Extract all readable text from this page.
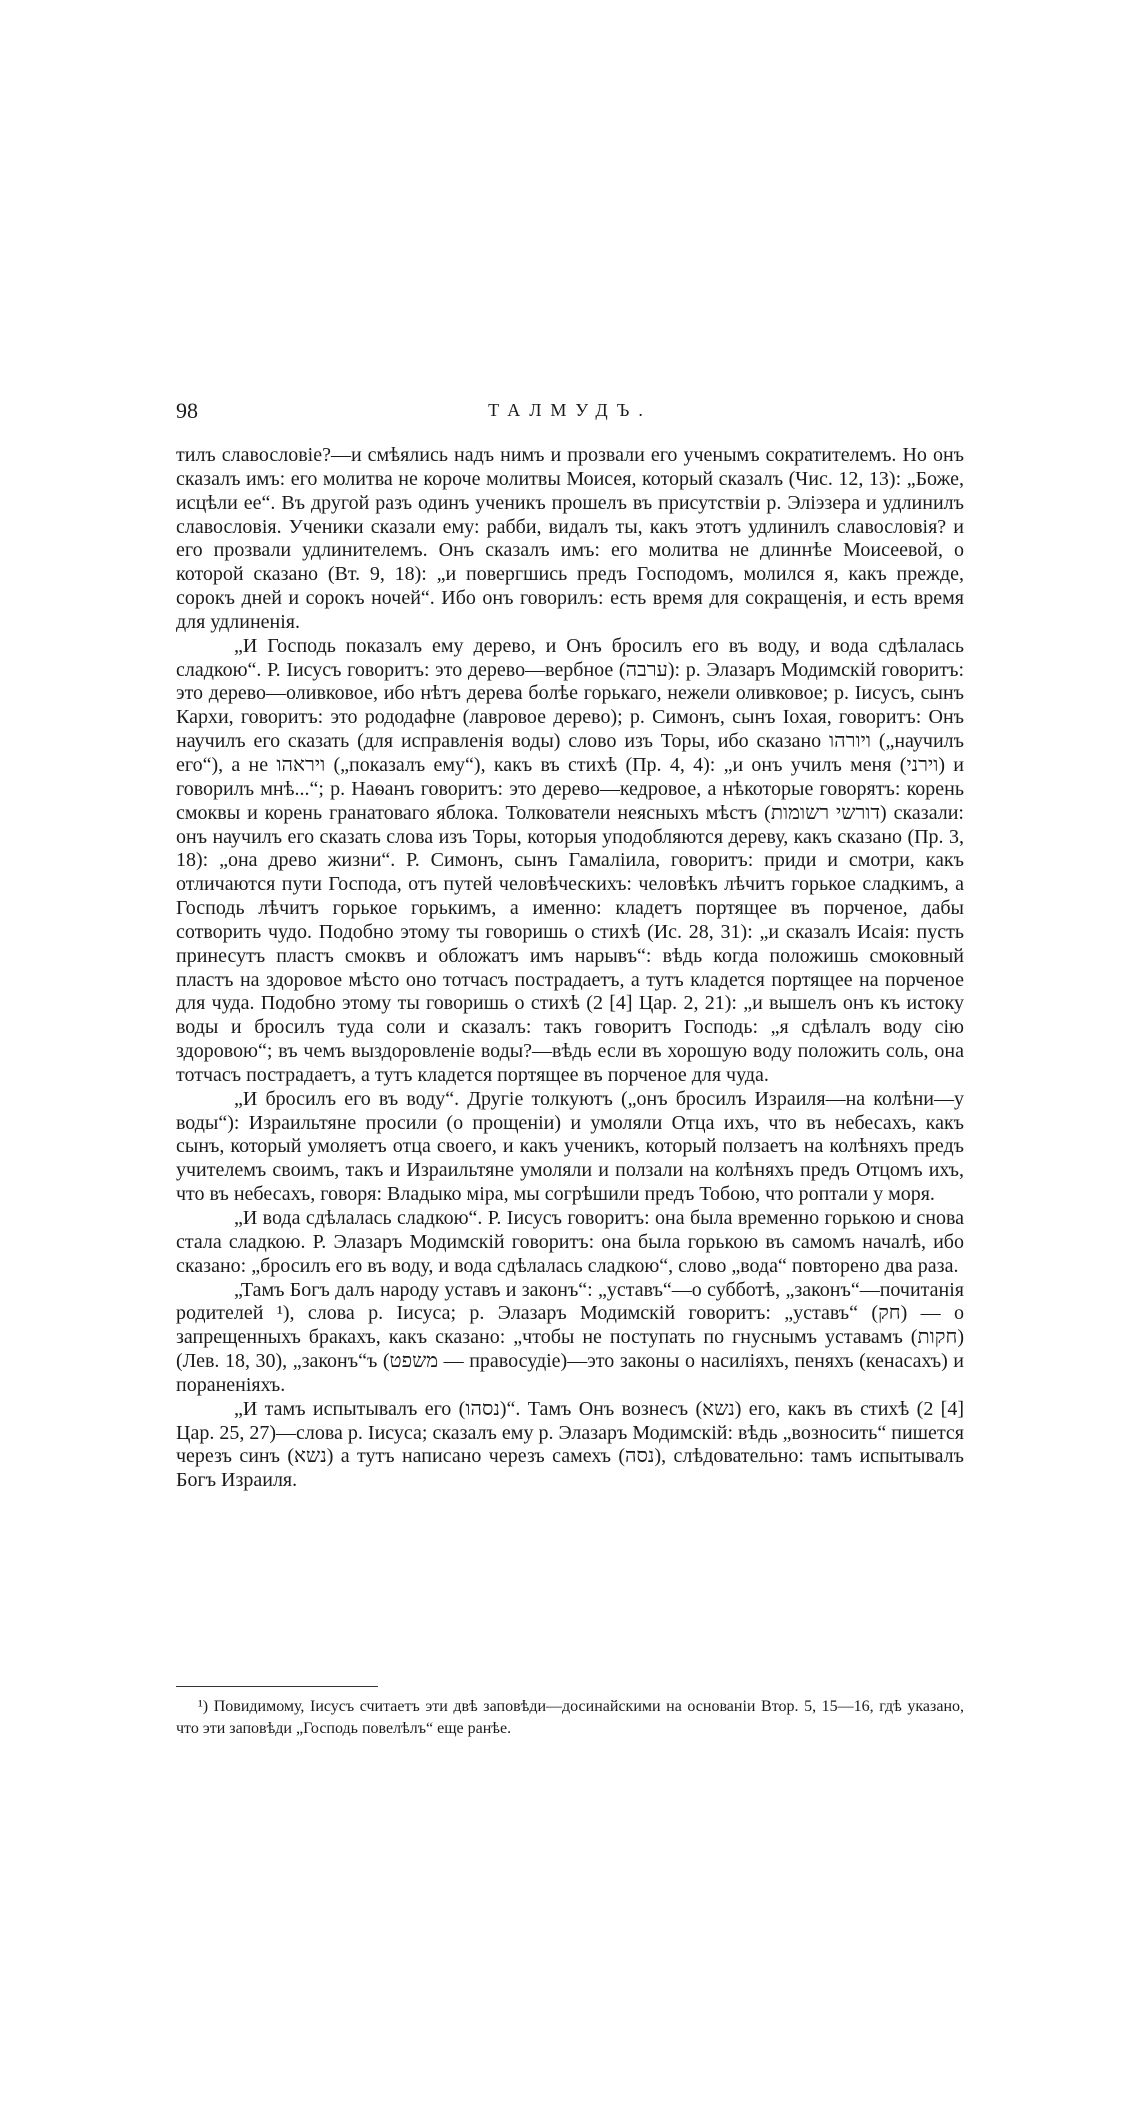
98	ТАЛМУДЪ.

тилъ славословіе?—и смѣялись надъ нимъ и прозвали его ученымъ сократителемъ. Но онъ сказалъ имъ: его молитва не короче молитвы Моисея, который сказалъ (Чис. 12, 13): „Боже, исцѣли ее“. Въ другой разъ одинъ ученикъ прошелъ въ присутствіи р. Эліэзера и удлинилъ славословія. Ученики сказали ему: рабби, видалъ ты, какъ этотъ удлинилъ славословія? и его прозвали удлинителемъ. Онъ сказалъ имъ: его молитва не длиннѣе Моисеевой, о которой сказано (Вт. 9, 18): „и повергшись предъ Господомъ, молился я, какъ прежде, сорокъ дней и сорокъ ночей“. Ибо онъ говорилъ: есть время для сокращенія, и есть время для удлиненія.

„И Господь показалъ ему дерево, и Онъ бросилъ его въ воду, и вода сдѣлалась сладкою“. Р. Іисусъ говоритъ: это дерево—вербное (ערבה): р. Элазаръ Модимскій говоритъ: это дерево—оливковое, ибо нѣтъ дерева болѣе горькаго, нежели оливковое; р. Іисусъ, сынъ Кархи, говоритъ: это рододафне (лавровое дерево); р. Симонъ, сынъ Іохая, говоритъ: Онъ научилъ его сказать (для исправленія воды) слово изъ Торы, ибо сказано ויורהו („научилъ его“), а не ויראהו („показалъ ему“), какъ въ стихѣ (Пр. 4, 4): „и онъ училъ меня (וירני) и говорилъ мнѣ...“; р. Наѳанъ говоритъ: это дерево—кедровое, а нѣкоторые говорятъ: корень смоквы и корень гранатоваго яблока. Толкователи неясныхъ мѣстъ (דורשי רשומות) сказали: онъ научилъ его сказать слова изъ Торы, которыя уподобляются дереву, какъ сказано (Пр. 3, 18): „она древо жизни“. Р. Симонъ, сынъ Гамаліила, говоритъ: приди и смотри, какъ отличаются пути Господа, отъ путей человѣческихъ: человѣкъ лѣчитъ горькое сладкимъ, а Господь лѣчитъ горькое горькимъ, а именно: кладетъ портящее въ порченое, дабы сотворить чудо. Подобно этому ты говоришь о стихѣ (Ис. 28, 31): „и сказалъ Исаія: пусть принесутъ пластъ смоквъ и обложатъ имъ нарывъ“: вѣдь когда положишь смоковный пластъ на здоровое мѣсто оно тотчасъ пострадаетъ, а тутъ кладется портящее на порченое для чуда. Подобно этому ты говоришь о стихѣ (2 [4] Цар. 2, 21): „и вышелъ онъ къ истоку воды и бросилъ туда соли и сказалъ: такъ говоритъ Господь: „я сдѣлалъ воду сію здоровою“; въ чемъ выздоровленіе воды?—вѣдь если въ хорошую воду положить соль, она тотчасъ пострадаетъ, а тутъ кладется портящее въ порченое для чуда.

„И бросилъ его въ воду“. Другіе толкуютъ („онъ бросилъ Израиля—на колѣни—у воды“): Израильтяне просили (о прощеніи) и умоляли Отца ихъ, что въ небесахъ, какъ сынъ, который умоляетъ отца своего, и какъ ученикъ, который ползаетъ на колѣняхъ предъ учителемъ своимъ, такъ и Израильтяне умоляли и ползали на колѣняхъ предъ Отцомъ ихъ, что въ небесахъ, говоря: Владыко міра, мы согрѣшили предъ Тобою, что роптали у моря.

„И вода сдѣлалась сладкою“. Р. Іисусъ говоритъ: она была временно горькою и снова стала сладкою. Р. Элазаръ Модимскій говоритъ: она была горькою въ самомъ началѣ, ибо сказано: „бросилъ его въ воду, и вода сдѣлалась сладкою“, слово „вода“ повторено два раза.

„Тамъ Богъ далъ народу уставъ и законъ“: „уставъ“—о субботѣ, „законъ“—почитанія родителей ¹), слова р. Іисуса; р. Элазаръ Модимскій говоритъ: „уставъ“ (חק) — о запрещенныхъ бракахъ, какъ сказано: „чтобы не поступать по гнуснымъ уставамъ (חקות) (Лев. 18, 30), „законъ“ъ (משפט — правосудіе)—это законы о насиліяхъ, пеняхъ (кенасахъ) и пораненіяхъ.

„И тамъ испытывалъ его (נסהו)“. Тамъ Онъ вознесъ (נשא) его, какъ въ стихѣ (2 [4] Цар. 25, 27)—слова р. Іисуса; сказалъ ему р. Элазаръ Модимскій: вѣдь „возносить“ пишется черезъ синъ (נשא) а тутъ написано черезъ самехъ (נסה), слѣдовательно: тамъ испытывалъ Богъ Израиля.

¹) Повидимому, Іисусъ считаетъ эти двѣ заповѣди—досинайскими на основаніи Втор. 5, 15—16, гдѣ указано, что эти заповѣди „Господь повелѣлъ“ еще ранѣе.
